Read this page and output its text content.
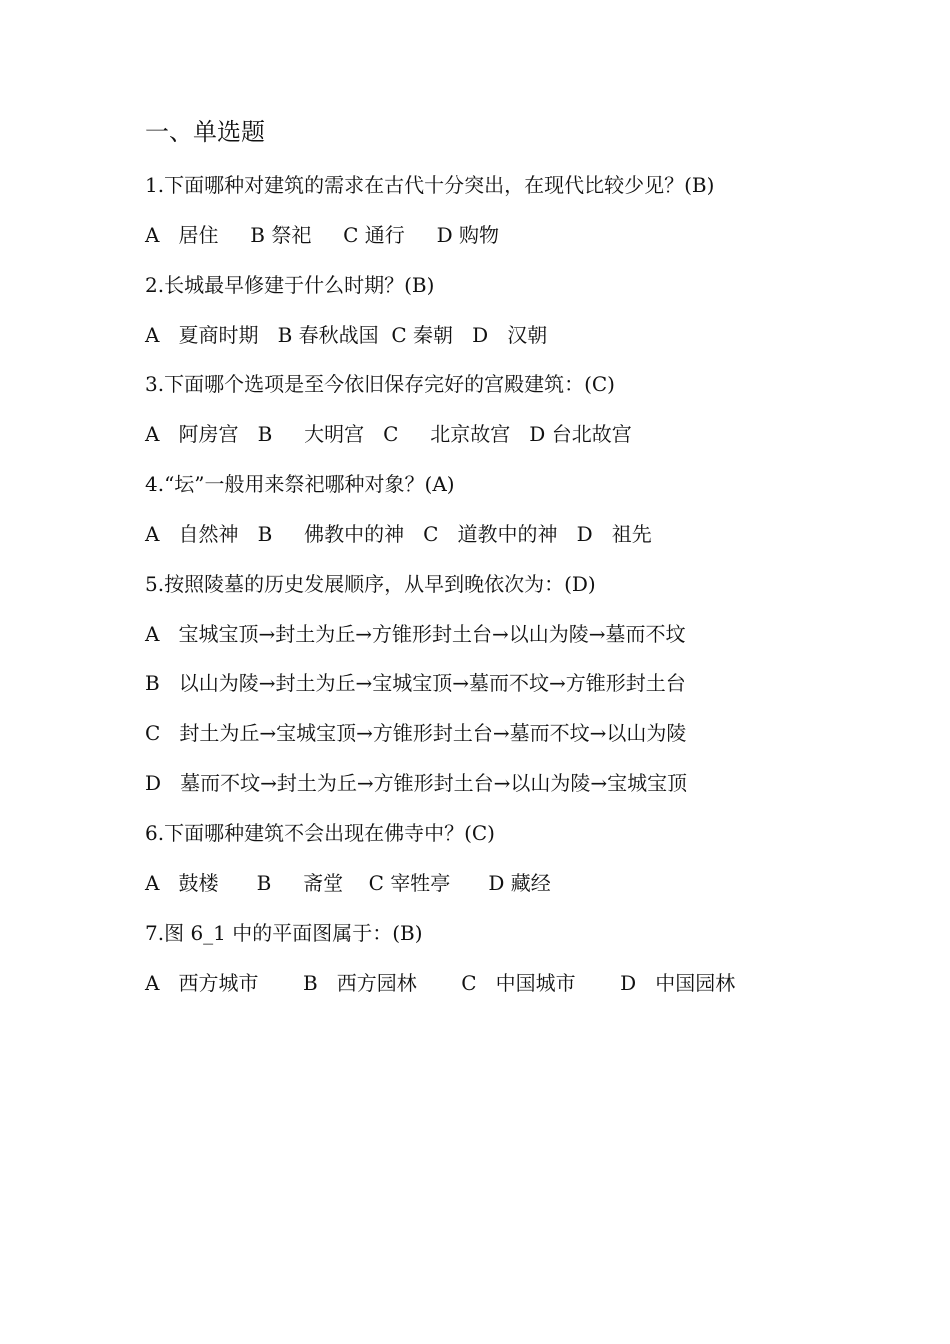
一、单选题
1.下面哪种对建筑的需求在古代十分突出，在现代比较少见？(B)
A   居住     B 祭祀     C 通行     D 购物
2.长城最早修建于什么时期？(B)
A   夏商时期   B 春秋战国  C 秦朝   D   汉朝
3.下面哪个选项是至今依旧保存完好的宫殿建筑：(C)
A   阿房宫   B     大明宫   C     北京故宫   D 台北故宫
4.“坛”一般用来祭祀哪种对象？(A)
A   自然神   B     佛教中的神   C   道教中的神   D   祖先
5.按照陵墓的历史发展顺序，从早到晚依次为：(D)
A   宝城宝顶→封土为丘→方锥形封土台→以山为陵→墓而不坟
B   以山为陵→封土为丘→宝城宝顶→墓而不坟→方锥形封土台
C   封土为丘→宝城宝顶→方锥形封土台→墓而不坟→以山为陵
D   墓而不坟→封土为丘→方锥形封土台→以山为陵→宝城宝顶
6.下面哪种建筑不会出现在佛寺中？(C)
A   鼓楼      B     斋堂    C 宰牲亭      D 藏经
7.图 6_1 中的平面图属于：(B)
A   西方城市       B   西方园林       C   中国城市       D   中国园林
